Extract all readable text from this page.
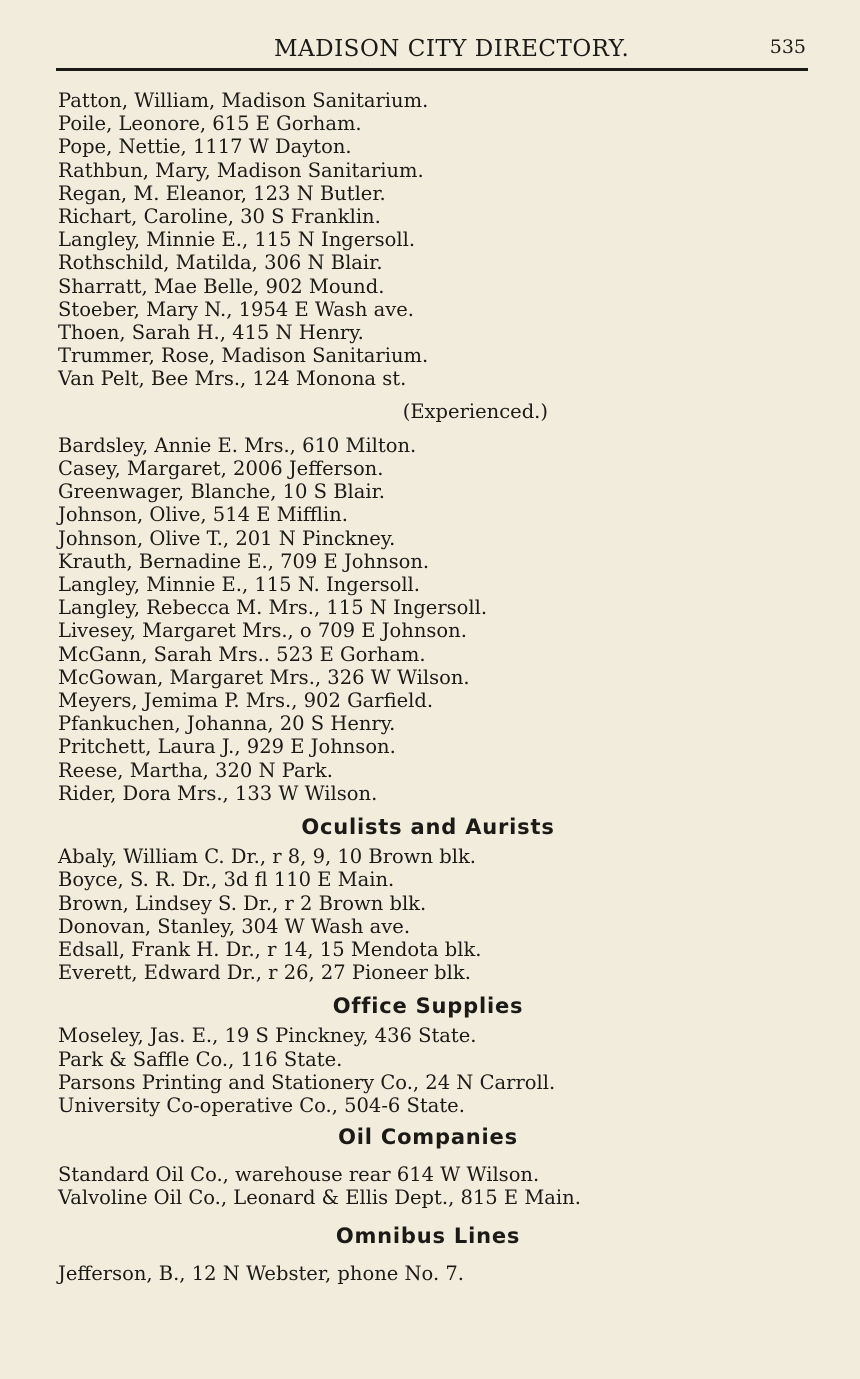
MADISON CITY DIRECTORY.	535
Patton, William, Madison Sanitarium.
Poile, Leonore, 615 E Gorham.
Pope, Nettie, 1117 W Dayton.
Rathbun, Mary, Madison Sanitarium.
Regan, M. Eleanor, 123 N Butler.
Richart, Caroline, 30 S Franklin.
Langley, Minnie E., 115 N Ingersoll.
Rothschild, Matilda, 306 N Blair.
Sharratt, Mae Belle, 902 Mound.
Stoeber, Mary N., 1954 E Wash ave.
Thoen, Sarah H., 415 N Henry.
Trummer, Rose, Madison Sanitarium.
Van Pelt, Bee Mrs., 124 Monona st.
(Experienced.)
Bardsley, Annie E. Mrs., 610 Milton.
Casey, Margaret, 2006 Jefferson.
Greenwager, Blanche, 10 S Blair.
Johnson, Olive, 514 E Mifflin.
Johnson, Olive T., 201 N Pinckney.
Krauth, Bernadine E., 709 E Johnson.
Langley, Minnie E., 115 N. Ingersoll.
Langley, Rebecca M. Mrs., 115 N Ingersoll.
Livesey, Margaret Mrs., o 709 E Johnson.
McGann, Sarah Mrs.. 523 E Gorham.
McGowan, Margaret Mrs., 326 W Wilson.
Meyers, Jemima P. Mrs., 902 Garfield.
Pfankuchen, Johanna, 20 S Henry.
Pritchett, Laura J., 929 E Johnson.
Reese, Martha, 320 N Park.
Rider, Dora Mrs., 133 W Wilson.
Oculists and Aurists
Abaly, William C. Dr., r 8, 9, 10 Brown blk.
Boyce, S. R. Dr., 3d fl 110 E Main.
Brown, Lindsey S. Dr., r 2 Brown blk.
Donovan, Stanley, 304 W Wash ave.
Edsall, Frank H. Dr., r 14, 15 Mendota blk.
Everett, Edward Dr., r 26, 27 Pioneer blk.
Office Supplies
Moseley, Jas. E., 19 S Pinckney, 436 State.
Park & Saffle Co., 116 State.
Parsons Printing and Stationery Co., 24 N Carroll.
University Co-operative Co., 504-6 State.
Oil Companies
Standard Oil Co., warehouse rear 614 W Wilson.
Valvoline Oil Co., Leonard & Ellis Dept., 815 E Main.
Omnibus Lines
Jefferson, B., 12 N Webster, phone No. 7.
